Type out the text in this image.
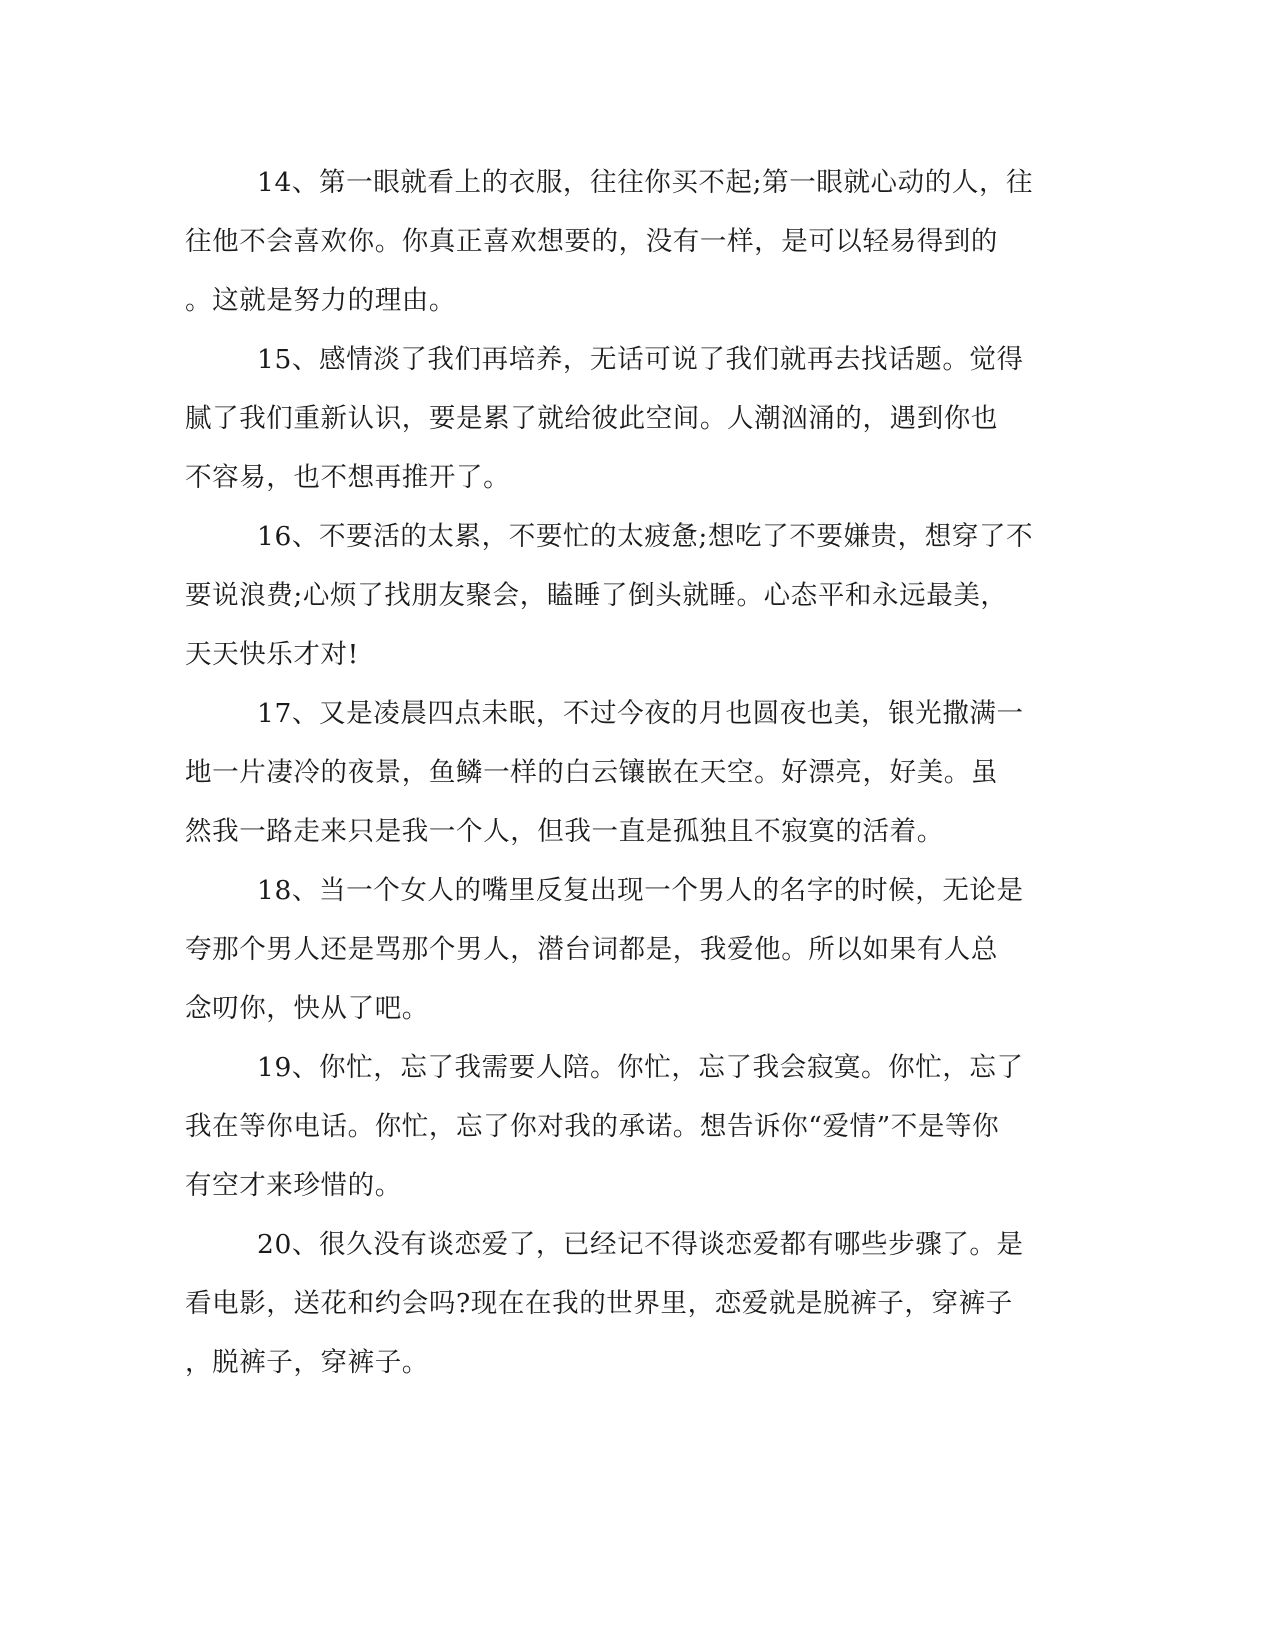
14、第一眼就看上的衣服，往往你买不起;第一眼就心动的人，往
往他不会喜欢你。你真正喜欢想要的，没有一样，是可以轻易得到的
。这就是努力的理由。
15、感情淡了我们再培养，无话可说了我们就再去找话题。觉得
腻了我们重新认识，要是累了就给彼此空间。人潮汹涌的，遇到你也
不容易，也不想再推开了。
16、不要活的太累，不要忙的太疲惫;想吃了不要嫌贵，想穿了不
要说浪费;心烦了找朋友聚会，瞌睡了倒头就睡。心态平和永远最美，
天天快乐才对!
17、又是凌晨四点未眠，不过今夜的月也圆夜也美，银光撒满一
地一片凄冷的夜景，鱼鳞一样的白云镶嵌在天空。好漂亮，好美。虽
然我一路走来只是我一个人，但我一直是孤独且不寂寞的活着。
18、当一个女人的嘴里反复出现一个男人的名字的时候，无论是
夸那个男人还是骂那个男人，潜台词都是，我爱他。所以如果有人总
念叨你，快从了吧。
19、你忙，忘了我需要人陪。你忙，忘了我会寂寞。你忙，忘了
我在等你电话。你忙，忘了你对我的承诺。想告诉你“爱情”不是等你
有空才来珍惜的。
20、很久没有谈恋爱了，已经记不得谈恋爱都有哪些步骤了。是
看电影，送花和约会吗?现在在我的世界里，恋爱就是脱裤子，穿裤子
，脱裤子，穿裤子。
